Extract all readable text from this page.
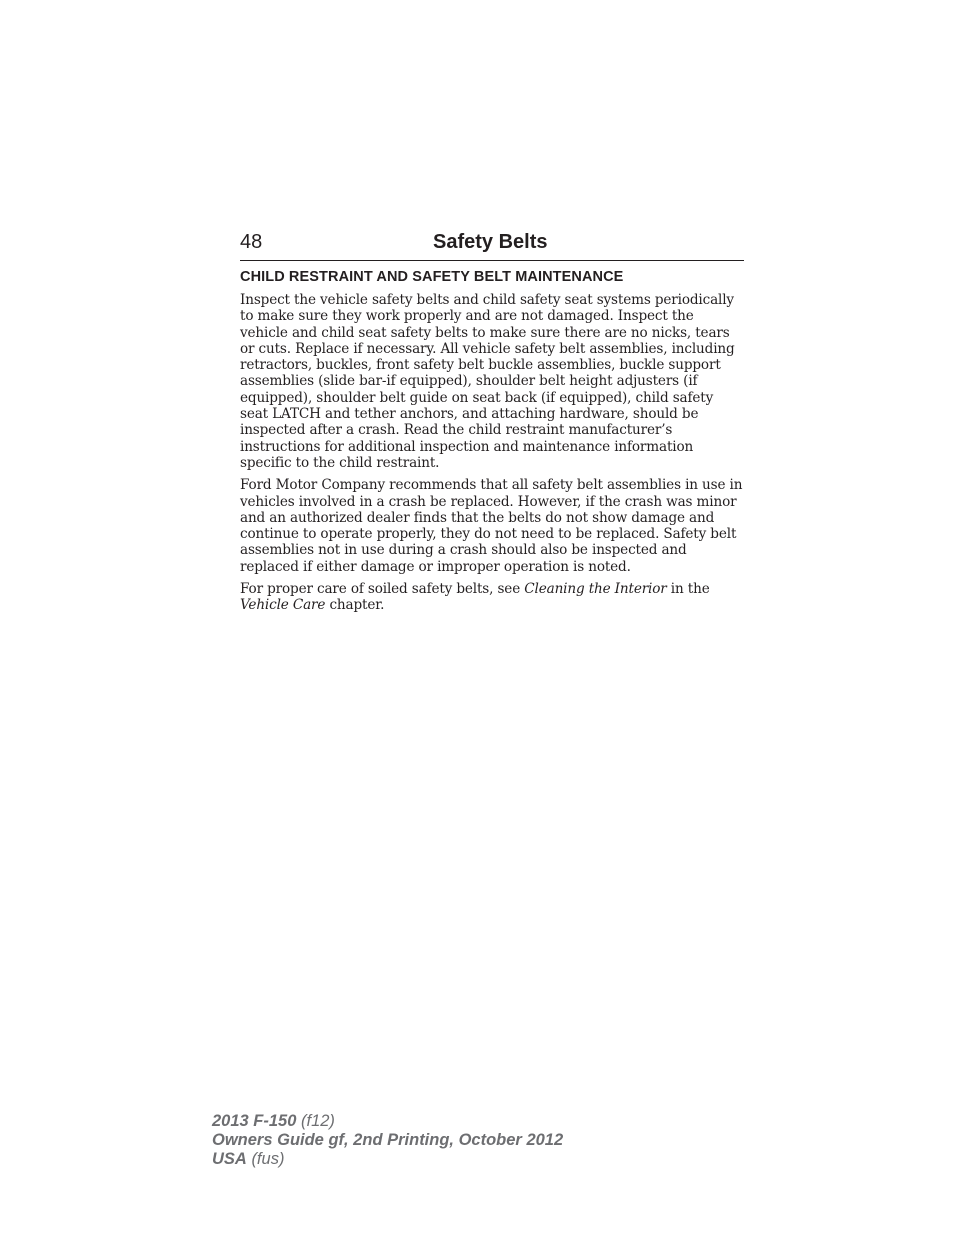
48	Safety Belts
CHILD RESTRAINT AND SAFETY BELT MAINTENANCE

Inspect the vehicle safety belts and child safety seat systems periodically to make sure they work properly and are not damaged. Inspect the vehicle and child seat safety belts to make sure there are no nicks, tears or cuts. Replace if necessary. All vehicle safety belt assemblies, including retractors, buckles, front safety belt buckle assemblies, buckle support assemblies (slide bar-if equipped), shoulder belt height adjusters (if equipped), shoulder belt guide on seat back (if equipped), child safety seat LATCH and tether anchors, and attaching hardware, should be inspected after a crash. Read the child restraint manufacturer’s instructions for additional inspection and maintenance information specific to the child restraint.

Ford Motor Company recommends that all safety belt assemblies in use in vehicles involved in a crash be replaced. However, if the crash was minor and an authorized dealer finds that the belts do not show damage and continue to operate properly, they do not need to be replaced. Safety belt assemblies not in use during a crash should also be inspected and replaced if either damage or improper operation is noted.

For proper care of soiled safety belts, see Cleaning the Interior in the Vehicle Care chapter.

2013 F-150 (f12)
Owners Guide gf, 2nd Printing, October 2012
USA (fus)
